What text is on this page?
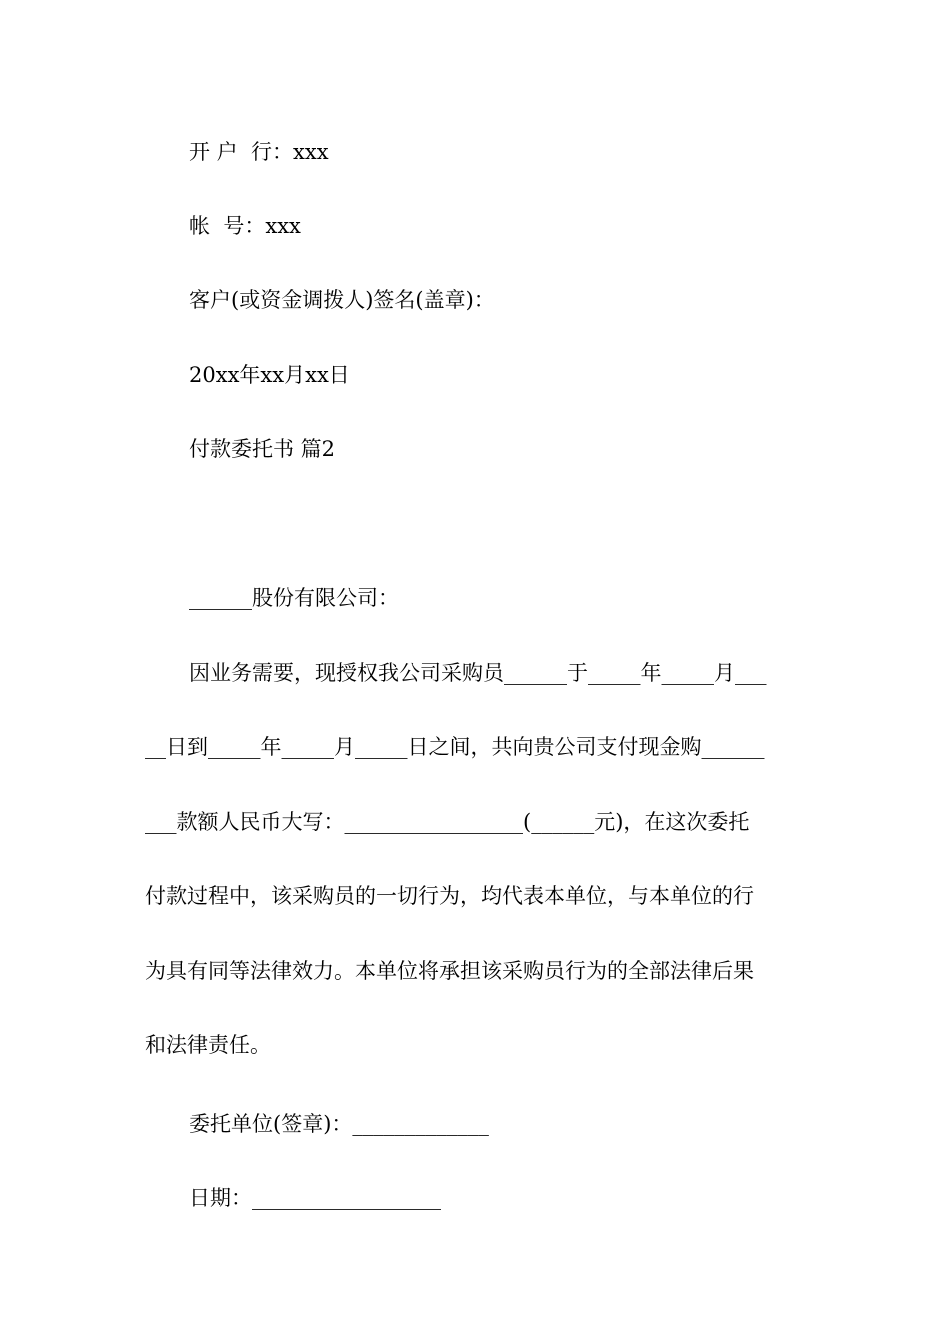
开 户  行：xxx

帐  号：xxx

客户(或资金调拨人)签名(盖章)：

20xx年xx月xx日

付款委托书 篇2

______股份有限公司：

因业务需要，现授权我公司采购员______于_____年_____月___

__日到_____年_____月_____日之间，共向贵公司支付现金购______

___款额人民币大写：_________________(______元)，在这次委托

付款过程中，该采购员的一切行为，均代表本单位，与本单位的行

为具有同等法律效力。本单位将承担该采购员行为的全部法律后果

和法律责任。

委托单位(签章)：_____________

日期：__________________
